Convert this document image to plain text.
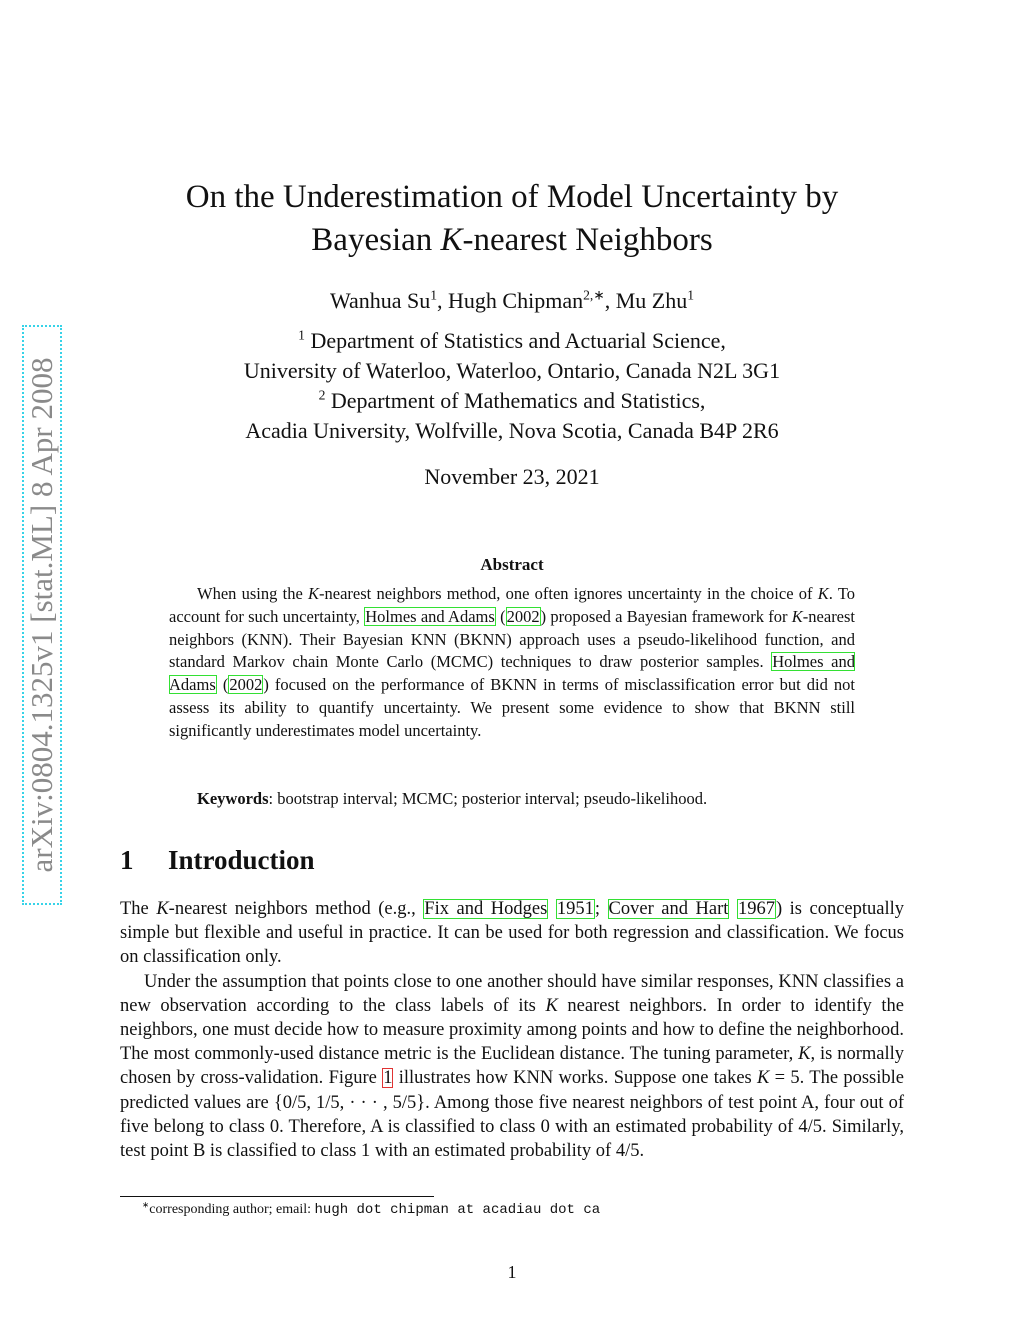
arXiv:0804.1325v1 [stat.ML] 8 Apr 2008
On the Underestimation of Model Uncertainty by
Bayesian K-nearest Neighbors
Wanhua Su$^1$, Hugh Chipman$^{2,∗}$, Mu Zhu$^1$
$^1$ Department of Statistics and Actuarial Science,
University of Waterloo, Waterloo, Ontario, Canada N2L 3G1
$^2$ Department of Mathematics and Statistics,
Acadia University, Wolfville, Nova Scotia, Canada B4P 2R6
November 23, 2021
Abstract

When using the K-nearest neighbors method, one often ignores uncertainty in the choice of K. To account for such uncertainty, Holmes and Adams (2002) proposed a Bayesian framework for K-nearest neighbors (KNN). Their Bayesian KNN (BKNN) approach uses a pseudo-likelihood function, and standard Markov chain Monte Carlo (MCMC) techniques to draw posterior samples. Holmes and Adams (2002) focused on the performance of BKNN in terms of misclassification error but did not assess its ability to quantify uncertainty. We present some evidence to show that BKNN still significantly underestimates model uncertainty.

Keywords: bootstrap interval; MCMC; posterior interval; pseudo-likelihood.
1 Introduction

The K-nearest neighbors method (e.g., Fix and Hodges 1951; Cover and Hart 1967) is conceptually simple but flexible and useful in practice. It can be used for both regression and classification. We focus on classification only.

Under the assumption that points close to one another should have similar responses, KNN classifies a new observation according to the class labels of its K nearest neighbors. In order to identify the neighbors, one must decide how to measure proximity among points and how to define the neighborhood. The most commonly-used distance metric is the Euclidean distance. The tuning parameter, K, is normally chosen by cross-validation. Figure 1 illustrates how KNN works. Suppose one takes K = 5. The possible predicted values are {0/5, 1/5, · · · , 5/5}. Among those five nearest neighbors of test point A, four out of five belong to class 0. Therefore, A is classified to class 0 with an estimated probability of 4/5. Similarly, test point B is classified to class 1 with an estimated probability of 4/5.

∗corresponding author; email: hugh dot chipman at acadiau dot ca
1
